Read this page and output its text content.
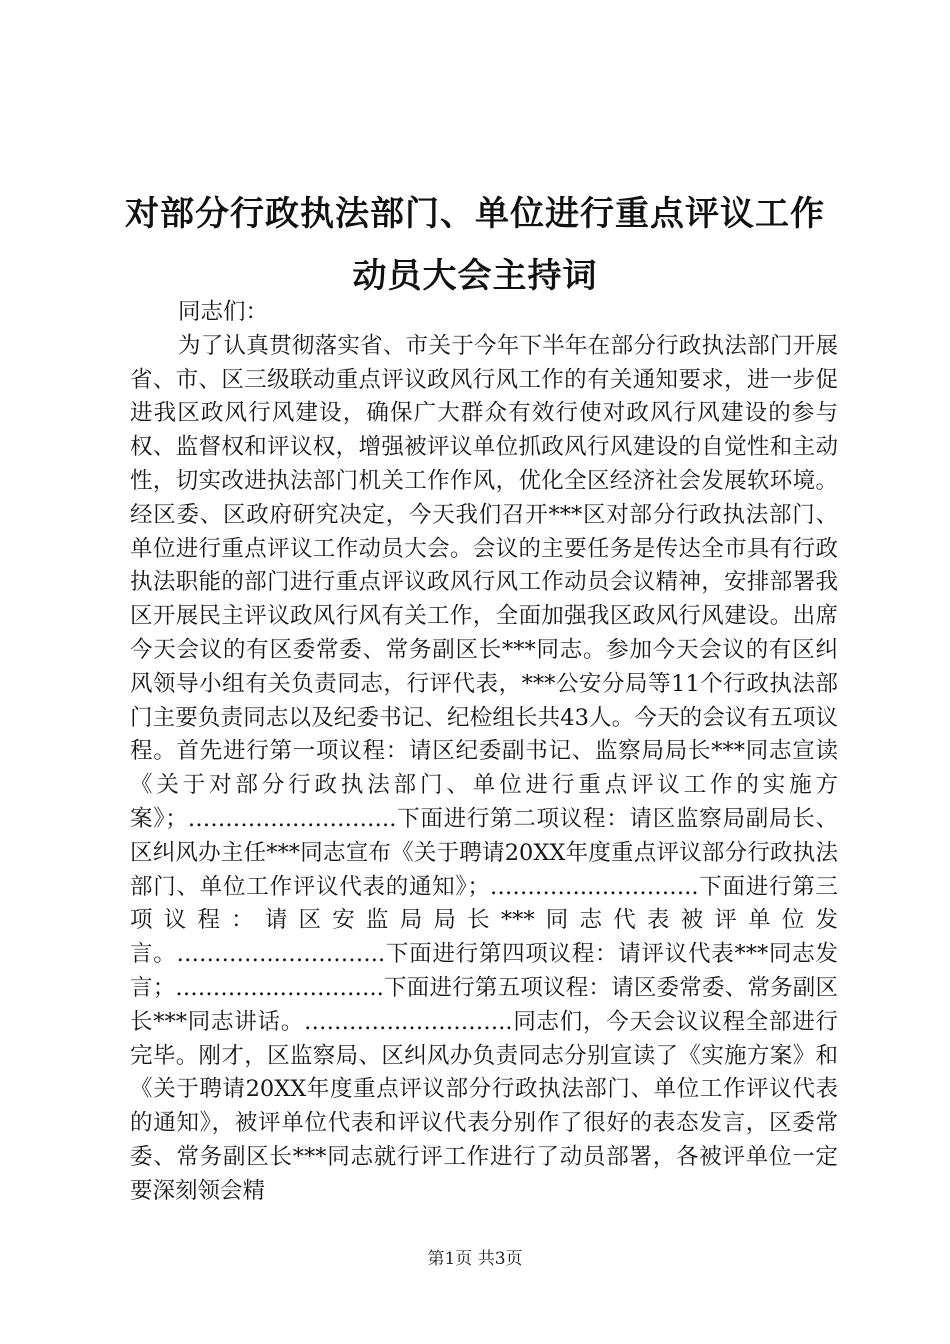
对部分行政执法部门、单位进行重点评议工作
动员大会主持词

同志们：

为了认真贯彻落实省、市关于今年下半年在部分行政执法部门开展省、市、区三级联动重点评议政风行风工作的有关通知要求，进一步促进我区政风行风建设，确保广大群众有效行使对政风行风建设的参与权、监督权和评议权，增强被评议单位抓政风行风建设的自觉性和主动性，切实改进执法部门机关工作作风，优化全区经济社会发展软环境。经区委、区政府研究决定，今天我们召开***区对部分行政执法部门、单位进行重点评议工作动员大会。会议的主要任务是传达全市具有行政执法职能的部门进行重点评议政风行风工作动员会议精神，安排部署我区开展民主评议政风行风有关工作，全面加强我区政风行风建设。出席今天会议的有区委常委、常务副区长***同志。参加今天会议的有区纠风领导小组有关负责同志，行评代表，***公安分局等11个行政执法部门主要负责同志以及纪委书记、纪检组长共43人。今天的会议有五项议程。首先进行第一项议程：请区纪委副书记、监察局局长***同志宣读《关于对部分行政执法部门、单位进行重点评议工作的实施方案》；…………..…………..下面进行第二项议程：请区监察局副局长、区纠风办主任***同志宣布《关于聘请20XX年度重点评议部分行政执法部门、单位工作评议代表的通知》；…………..…………..下面进行第三项议程：请区安监局局长***同志代表被评单位发言。…………..…………..下面进行第四项议程：请评议代表***同志发言；…………..…………..下面进行第五项议程：请区委常委、常务副区长***同志讲话。…………..…………..同志们，今天会议议程全部进行完毕。刚才，区监察局、区纠风办负责同志分别宣读了《实施方案》和《关于聘请20XX年度重点评议部分行政执法部门、单位工作评议代表的通知》，被评单位代表和评议代表分别作了很好的表态发言，区委常委、常务副区长***同志就行评工作进行了动员部署，各被评单位一定要深刻领会精

第1页 共3页
